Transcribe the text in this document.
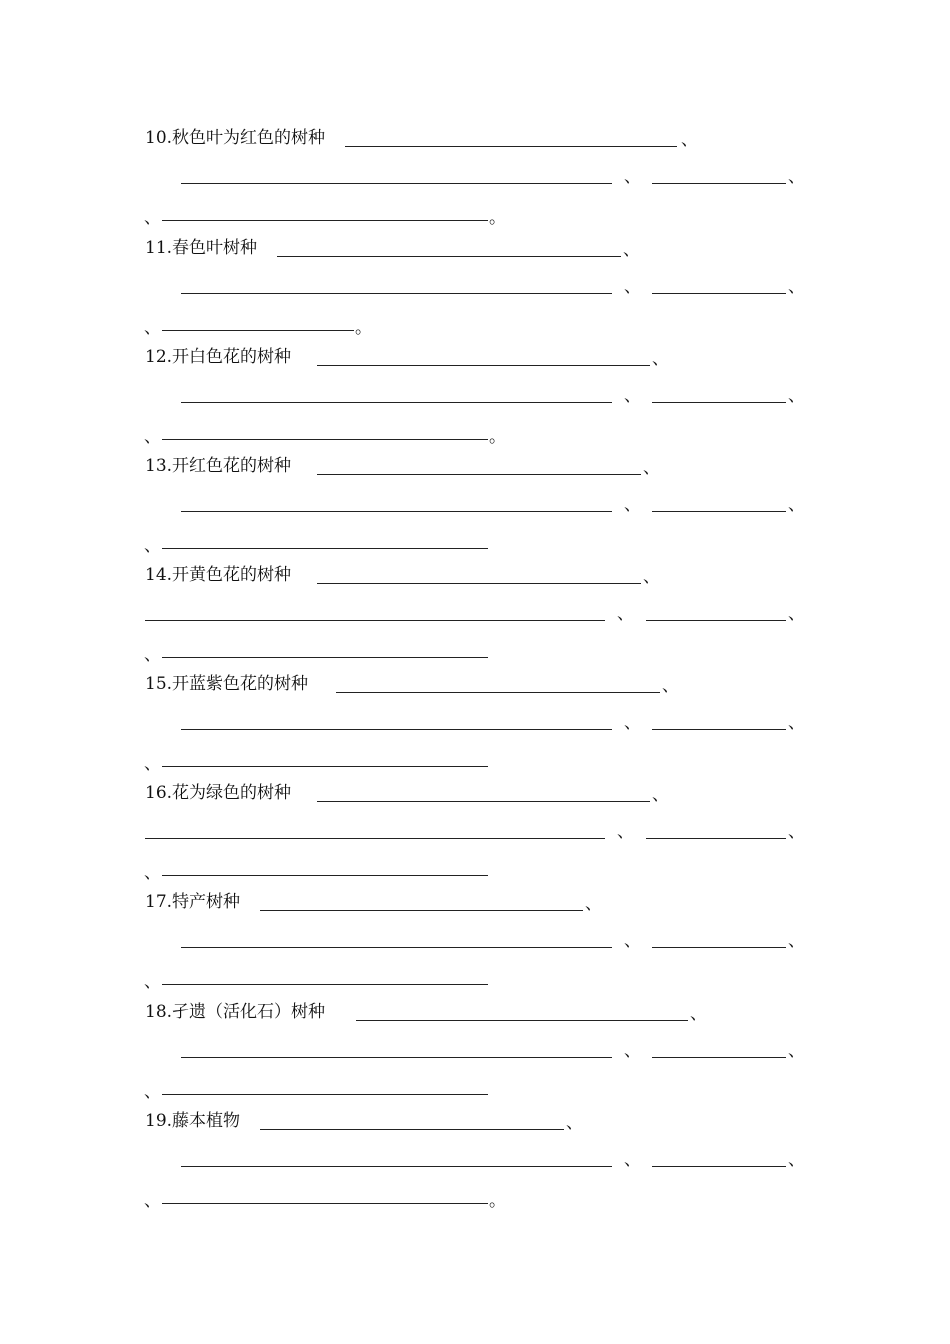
10.秋色叶为红色的树种	、
、	、
、	。
11.春色叶树种	、
、	、
、	。
12.开白色花的树种	、
、	、
、	。
13.开红色花的树种	、
、	、
、
14.开黄色花的树种	、
、	、
、
15.开蓝紫色花的树种	、
、	、
、
16.花为绿色的树种	、
、	、
、
17.特产树种	、
、	、
、
18.孑遗（活化石）树种	、
、	、
、
19.藤本植物	、
、	、
、	。
